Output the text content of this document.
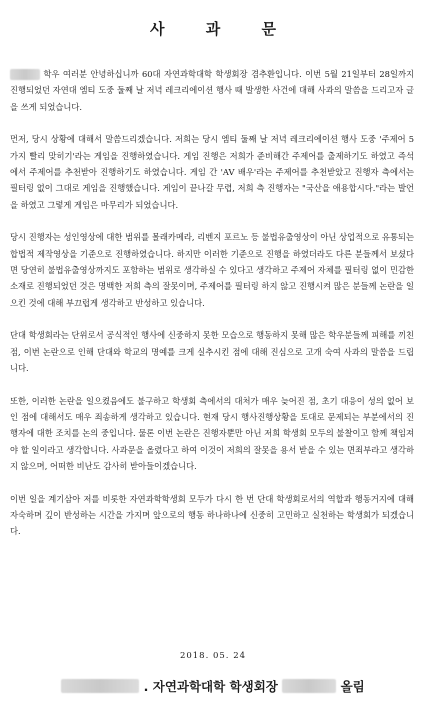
사 과 문

학우 여러분 안녕하십니까 60대 자연과학대학 학생회장 겸추환입니다. 이번 5월 21일부터 28일까지 진행되었던 자연대 엠티 도중 둘째 날 저녁 레크리에이션 행사 때 발생한 사건에 대해 사과의 말씀을 드리고자 글을 쓰게 되었습니다.

먼저, 당시 상황에 대해서 말씀드리겠습니다. 저희는 당시 엠티 둘째 날 저녁 레크리에이션 행사 도중 '주제어 5가지 빨리 맞히기'라는 게임을 진행하였습니다. 게임 진행은 저희가 준비해간 주제어를 출제하기도 하였고 즉석에서 주제어를 추천받아 진행하기도 하였습니다. 게임 간 'AV 배우'라는 주제어를 추천받았고 진행자 측에서는 필터링 없이 그대로 게임을 진행했습니다. 게임이 끝나갈 무렵, 저희 측 진행자는 "국산을 애용합시다."라는 발언을 하였고 그렇게 게임은 마무리가 되었습니다.

당시 진행자는 성인영상에 대한 범위를 몰래카메라, 리벤지 포르노 등 불법유출영상이 아닌 상업적으로 유통되는 합법적 제작영상을 기준으로 진행하였습니다. 하지만 이러한 기준으로 진행을 하였더라도 다른 분들께서 보셨다면 당연히 불법유출영상까지도 포함하는 범위로 생각하실 수 있다고 생각하고 주제어 자체를 필터링 없이 민감한 소재로 진행되었던 것은 명백한 저희 측의 잘못이며, 주제어를 필터링 하지 않고 진행시켜 많은 분들께 논란을 일으킨 것에 대해 부끄럽게 생각하고 반성하고 있습니다.

단대 학생회라는 단위로서 공식적인 행사에 신중하지 못한 모습으로 행동하지 못해 많은 학우분들께 피해를 끼친 점, 이번 논란으로 인해 단대와 학교의 명예를 크게 실추시킨 점에 대해 진심으로 고개 숙여 사과의 말씀을 드립니다.

또한, 이러한 논란을 일으켰음에도 불구하고 학생회 측에서의 대처가 매우 늦어진 점, 초기 대응이 성의 없어 보인 점에 대해서도 매우 죄송하게 생각하고 있습니다. 현재 당시 행사진행상황을 토대로 문제되는 부분에서의 진행자에 대한 조치를 논의 중입니다. 물론 이번 논란은 진행자뿐만 아닌 저희 학생회 모두의 불찰이고 함께 책임져야 할 일이라고 생각합니다. 사과문을 올렸다고 하여 이것이 저희의 잘못을 용서 받을 수 있는 면죄부라고 생각하지 않으며, 어떠한 비난도 감사히 받아들이겠습니다.

이번 일을 계기삼아 저를 비롯한 자연과학학생회 모두가 다시 한 번 단대 학생회로서의 역할과 행동거지에 대해 자숙하며 깊이 반성하는 시간을 가지며 앞으로의 행동 하나하나에 신중히 고민하고 실천하는 학생회가 되겠습니다.

2018. 05. 24
. 자연과학대학 학생회장	올림
